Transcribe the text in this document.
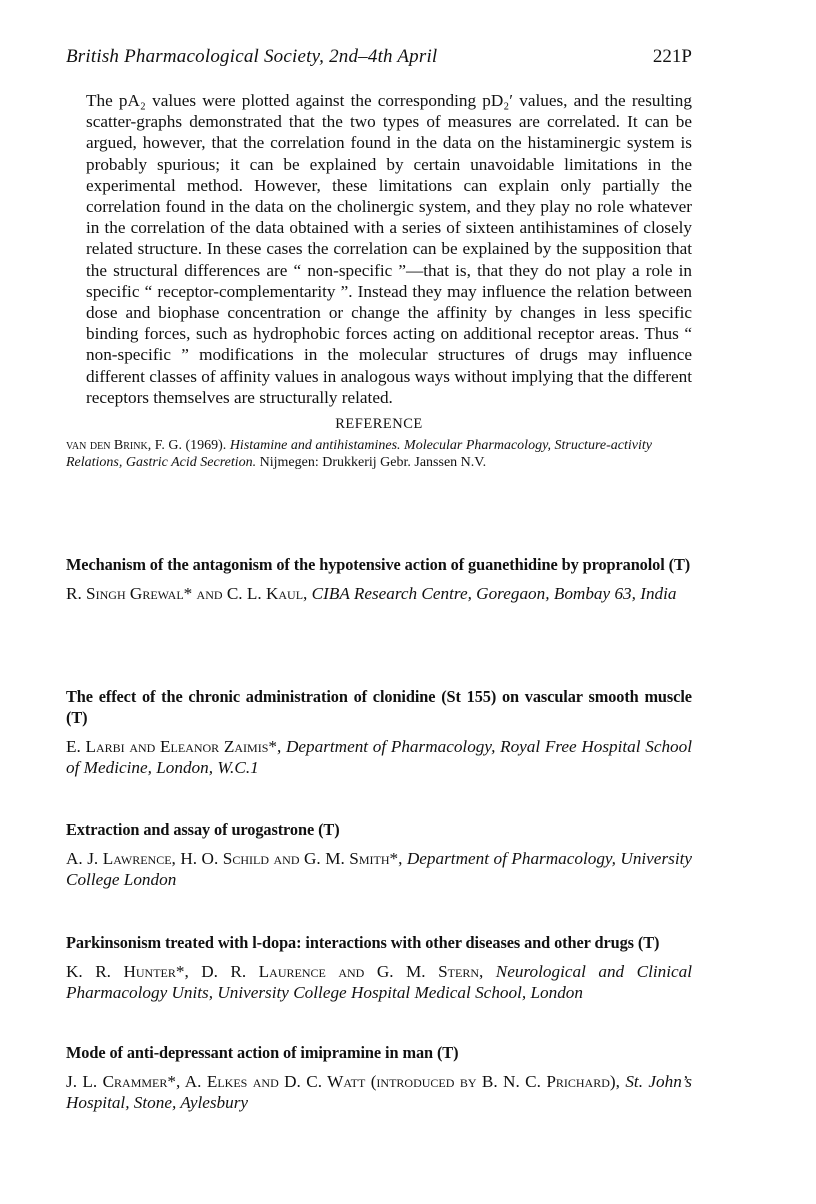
British Pharmacological Society, 2nd–4th April	221P
The pA₂ values were plotted against the corresponding pD₂′ values, and the resulting scatter-graphs demonstrated that the two types of measures are correlated. It can be argued, however, that the correlation found in the data on the histaminergic system is probably spurious; it can be explained by certain unavoidable limitations in the experimental method. However, these limitations can explain only partially the correlation found in the data on the cholinergic system, and they play no role whatever in the correlation of the data obtained with a series of sixteen antihistamines of closely related structure. In these cases the correlation can be explained by the supposition that the structural differences are “ non-specific ”—that is, that they do not play a role in specific “ receptor-complementarity ”. Instead they may influence the relation between dose and biophase concentration or change the affinity by changes in less specific binding forces, such as hydrophobic forces acting on additional receptor areas. Thus “ non-specific ” modifications in the molecular structures of drugs may influence different classes of affinity values in analogous ways without implying that the different receptors themselves are structurally related.
REFERENCE
van den Brink, F. G. (1969). Histamine and antihistamines. Molecular Pharmacology, Structure-activity Relations, Gastric Acid Secretion. Nijmegen: Drukkerij Gebr. Janssen N.V.
Mechanism of the antagonism of the hypotensive action of guanethidine by propranolol (T)
R. Singh Grewal* and C. L. Kaul, CIBA Research Centre, Goregaon, Bombay 63, India
The effect of the chronic administration of clonidine (St 155) on vascular smooth muscle (T)
E. Larbi and Eleanor Zaimis*, Department of Pharmacology, Royal Free Hospital School of Medicine, London, W.C.1
Extraction and assay of urogastrone (T)
A. J. Lawrence, H. O. Schild and G. M. Smith*, Department of Pharmacology, University College London
Parkinsonism treated with l-dopa: interactions with other diseases and other drugs (T)
K. R. Hunter*, D. R. Laurence and G. M. Stern, Neurological and Clinical Pharmacology Units, University College Hospital Medical School, London
Mode of anti-depressant action of imipramine in man (T)
J. L. Crammer*, A. Elkes and D. C. Watt (introduced by B. N. C. Prichard), St. John’s Hospital, Stone, Aylesbury
